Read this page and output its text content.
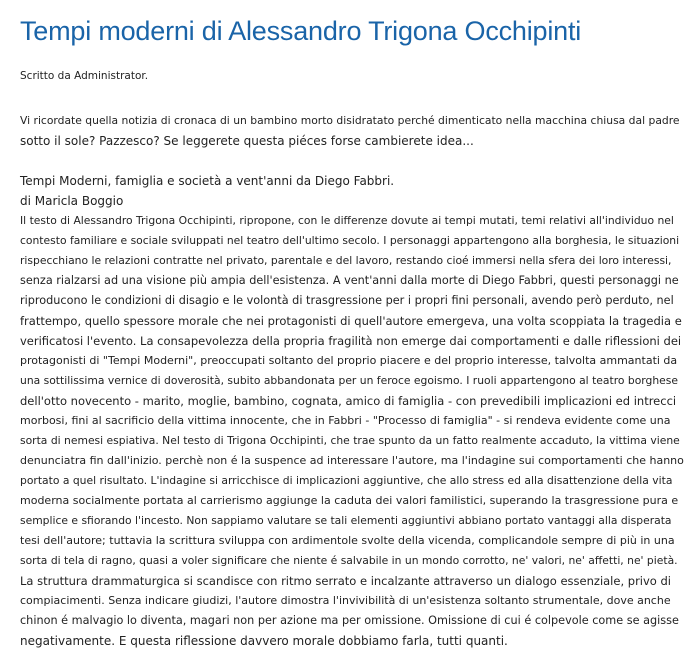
Tempi moderni di Alessandro Trigona Occhipinti
Scritto da Administrator.

Vi ricordate quella notizia di cronaca di un bambino morto disidratato perché dimenticato nella macchina chiusa dal padre
sotto il sole? Pazzesco? Se leggerete questa piéces forse cambierete idea...

Tempi Moderni, famiglia e società a vent'anni da Diego Fabbri.
di Maricla Boggio
Il testo di Alessandro Trigona Occhipinti, ripropone, con le differenze dovute ai tempi mutati, temi relativi all'individuo nel
contesto familiare e sociale sviluppati nel teatro dell'ultimo secolo. I personaggi appartengono alla borghesia, le situazioni
rispecchiano le relazioni contratte nel privato, parentale e del lavoro, restando cioé immersi nella sfera dei loro interessi,
senza rialzarsi ad una visione più ampia dell'esistenza. A vent'anni dalla morte di Diego Fabbri, questi personaggi ne
riproducono le condizioni di disagio e le volontà di trasgressione per i propri fini personali, avendo però perduto, nel
frattempo, quello spessore morale che nei protagonisti di quell'autore emergeva, una volta scoppiata la tragedia e
verificatosi l'evento. La consapevolezza della propria fragilità non emerge dai comportamenti e dalle riflessioni dei
protagonisti di "Tempi Moderni", preoccupati soltanto del proprio piacere e del proprio interesse, talvolta ammantati da
una sottilissima vernice di doverosità, subito abbandonata per un feroce egoismo. I ruoli appartengono al teatro borghese
dell'otto novecento - marito, moglie, bambino, cognata, amico di famiglia - con prevedibili implicazioni ed intrecci
morbosi, fini al sacrificio della vittima innocente, che in Fabbri - "Processo di famiglia" - si rendeva evidente come una
sorta di nemesi espiativa. Nel testo di Trigona Occhipinti, che trae spunto da un fatto realmente accaduto, la vittima viene
denunciatra fin dall'inizio. perchè non é la suspence ad interessare l'autore, ma l'indagine sui comportamenti che hanno
portato a quel risultato. L'indagine si arricchisce di implicazioni aggiuntive, che allo stress ed alla disattenzione della vita
moderna socialmente portata al carrierismo aggiunge la caduta dei valori familistici, superando la trasgressione pura e
semplice e sfiorando l'incesto. Non sappiamo valutare se tali elementi aggiuntivi abbiano portato vantaggi alla disperata
tesi dell'autore; tuttavia la scrittura sviluppa con ardimentole svolte della vicenda, complicandole sempre di più in una
sorta di tela di ragno, quasi a voler significare che niente é salvabile in un mondo corrotto, ne' valori, ne' affetti, ne' pietà.
La struttura drammaturgica si scandisce con ritmo serrato e incalzante attraverso un dialogo essenziale, privo di
compiacimenti. Senza indicare giudizi, l'autore dimostra l'invivibilità di un'esistenza soltanto strumentale, dove anche
chinon é malvagio lo diventa, magari non per azione ma per omissione. Omissione di cui é colpevole come se agisse
negativamente. E questa riflessione davvero morale dobbiamo farla, tutti quanti.
